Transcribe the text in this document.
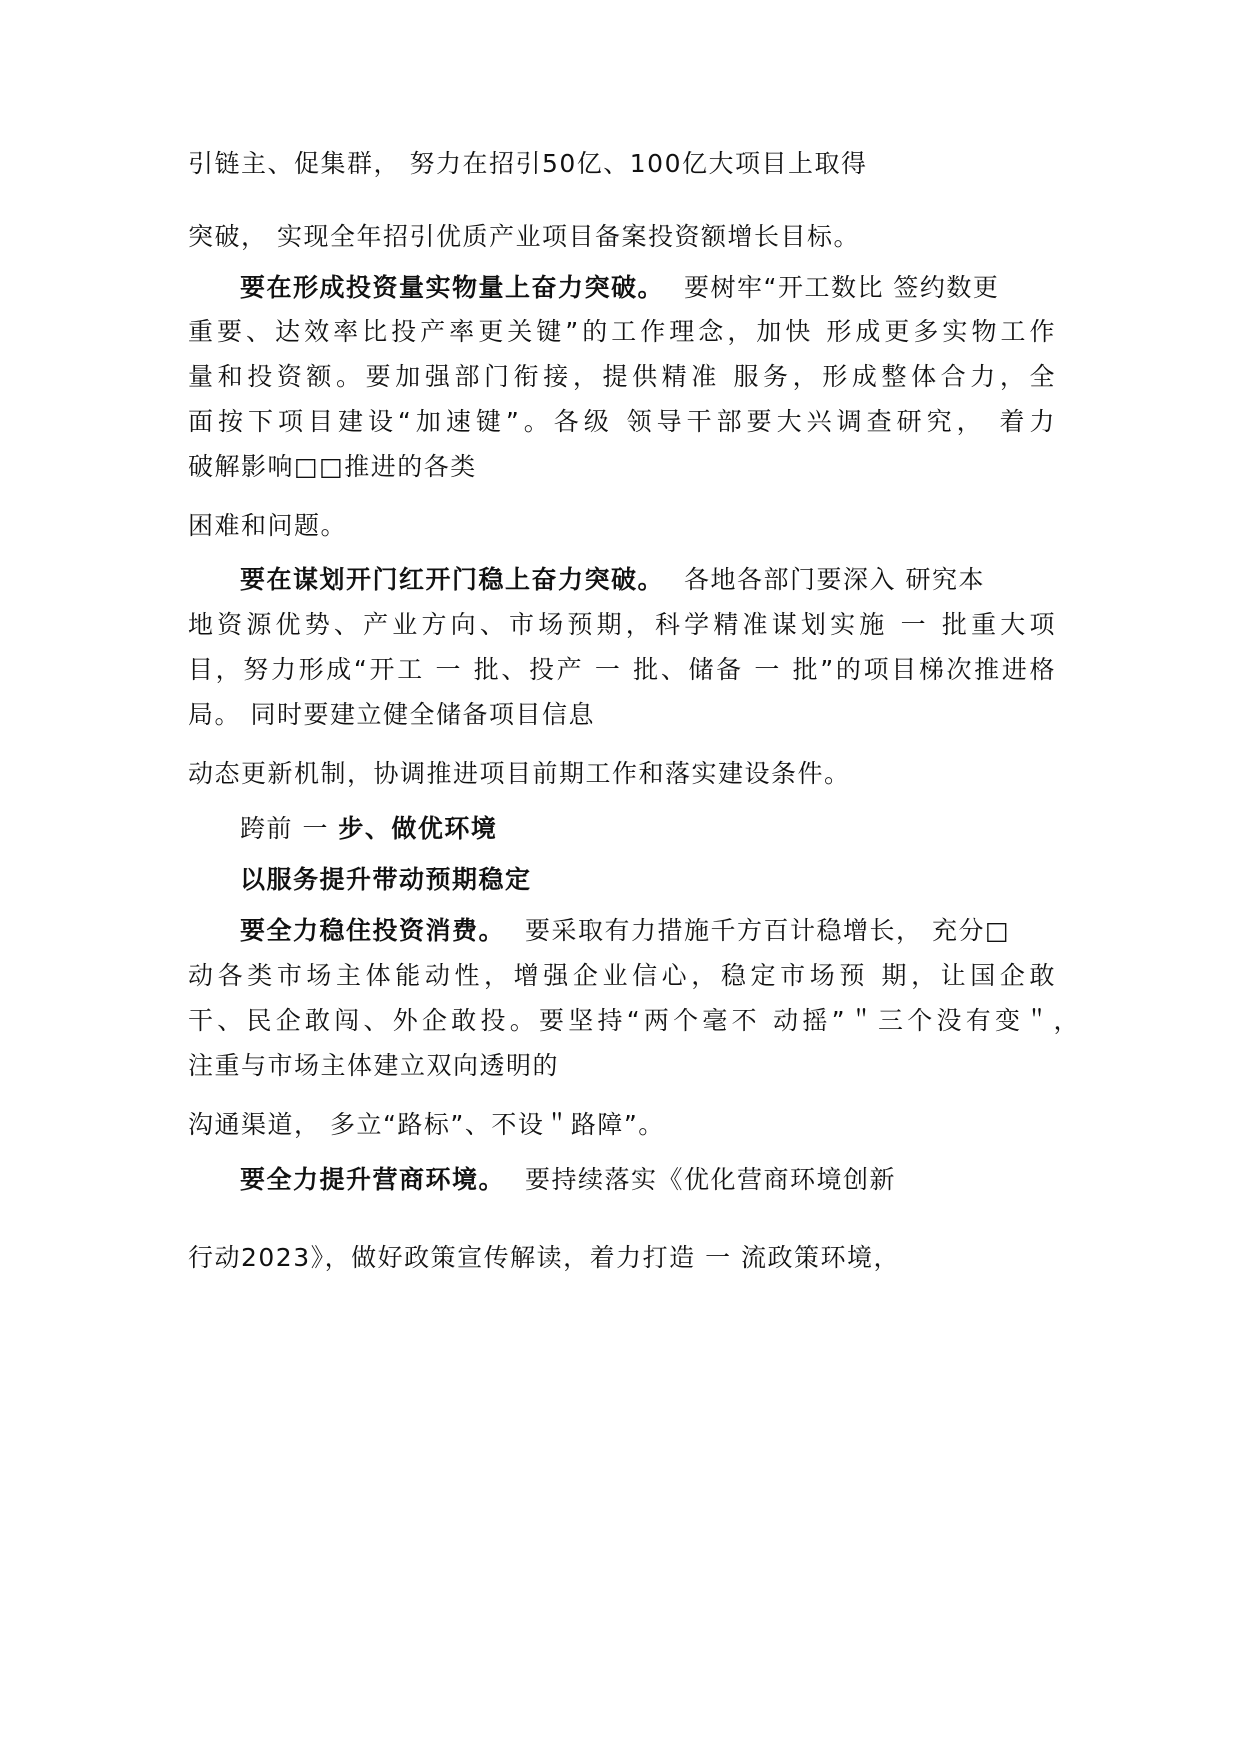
引链主、促集群， 努力在招引50亿、100亿大项目上取得

突破， 实现全年招引优质产业项目备案投资额增长目标。

要在形成投资量实物量上奋力突破。 要树牢“开工数比 签约数更

重要、达效率比投产率更关键”的工作理念，加快 形成更多实物工作

量和投资额。要加强部门衔接，提供精准 服务，形成整体合力，全

面按下项目建设“加速键”。各级 领导干部要大兴调查研究， 着力

破解影响□□推进的各类

困难和问题。

要在谋划开门红开门稳上奋力突破。 各地各部门要深入 研究本

地资源优势、产业方向、市场预期，科学精准谋划实施 一 批重大项

目，努力形成“开工 一 批、投产 一 批、储备 一 批”的项目梯次推进格

局。 同时要建立健全储备项目信息

动态更新机制，协调推进项目前期工作和落实建设条件。

跨前 一 步、做优环境

以服务提升带动预期稳定

要全力稳住投资消费。 要采取有力措施千方百计稳增长， 充分□

动各类市场主体能动性，增强企业信心，稳定市场预 期，让国企敢

干、民企敢闯、外企敢投。要坚持“两个毫不 动摇”＂三个没有变＂，

注重与市场主体建立双向透明的

沟通渠道， 多立“路标”、不设＂路障”。

要全力提升营商环境。 要持续落实《优化营商环境创新

行动2023》，做好政策宣传解读，着力打造 一 流政策环境，
